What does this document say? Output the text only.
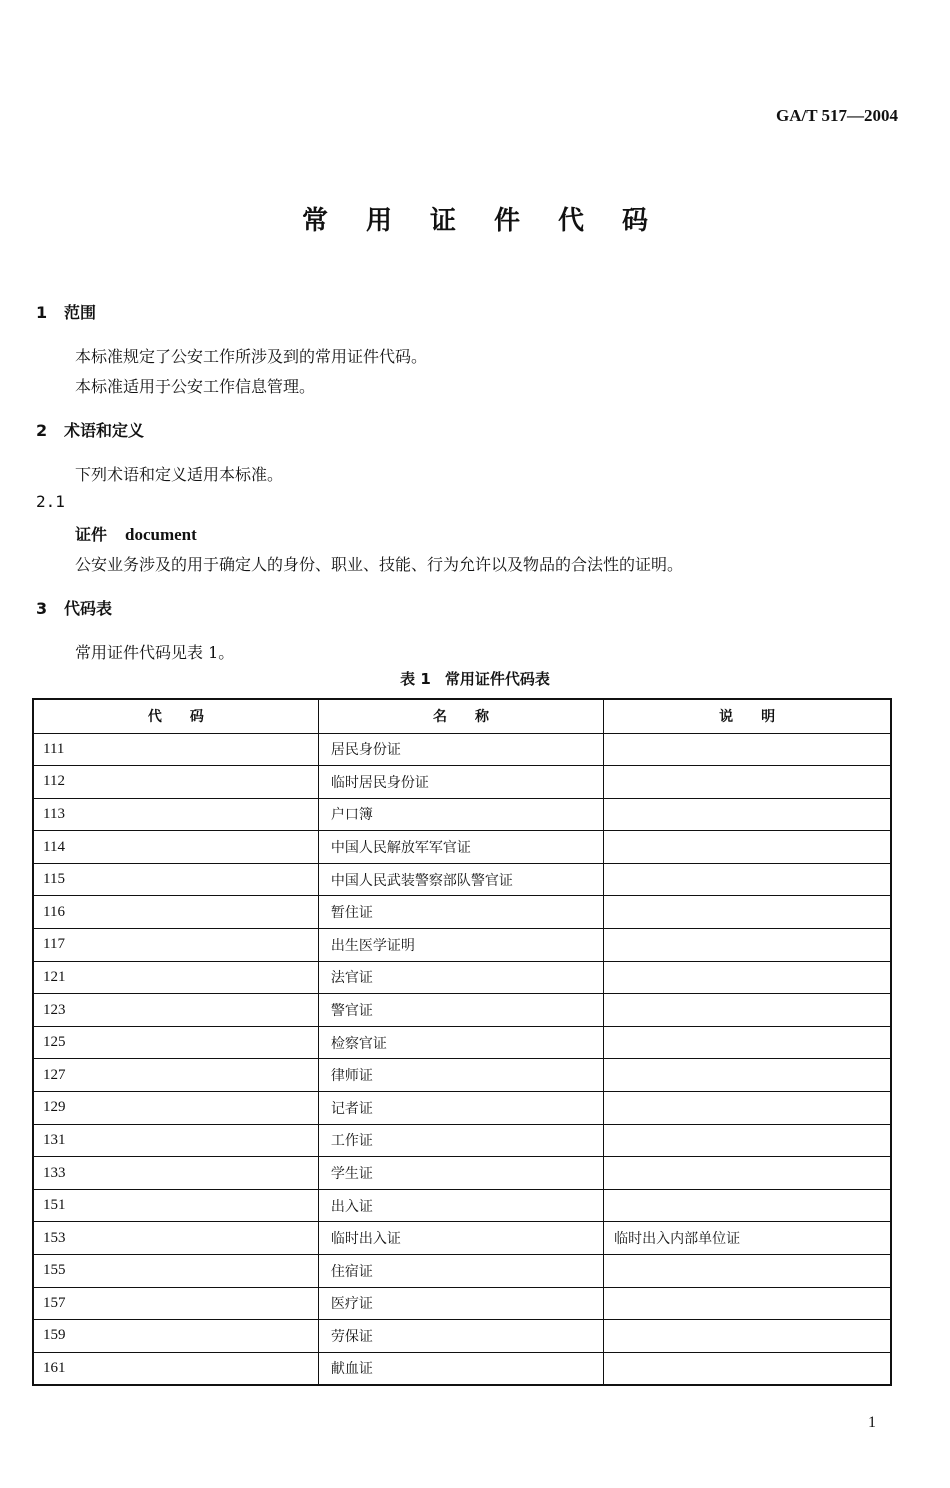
GA/T 517—2004
常用证件代码
1 范围
本标准规定了公安工作所涉及到的常用证件代码。
本标准适用于公安工作信息管理。
2 术语和定义
下列术语和定义适用本标准。
2.1
证件 document
公安业务涉及的用于确定人的身份、职业、技能、行为允许以及物品的合法性的证明。
3 代码表
常用证件代码见表 1。
表 1 常用证件代码表
代码	名称	说明
111	居民身份证	
112	临时居民身份证	
113	户口簿	
114	中国人民解放军军官证	
115	中国人民武装警察部队警官证	
116	暂住证	
117	出生医学证明	
121	法官证	
123	警官证	
125	检察官证	
127	律师证	
129	记者证	
131	工作证	
133	学生证	
151	出入证	
153	临时出入证	临时出入内部单位证
155	住宿证	
157	医疗证	
159	劳保证	
161	献血证	
1
